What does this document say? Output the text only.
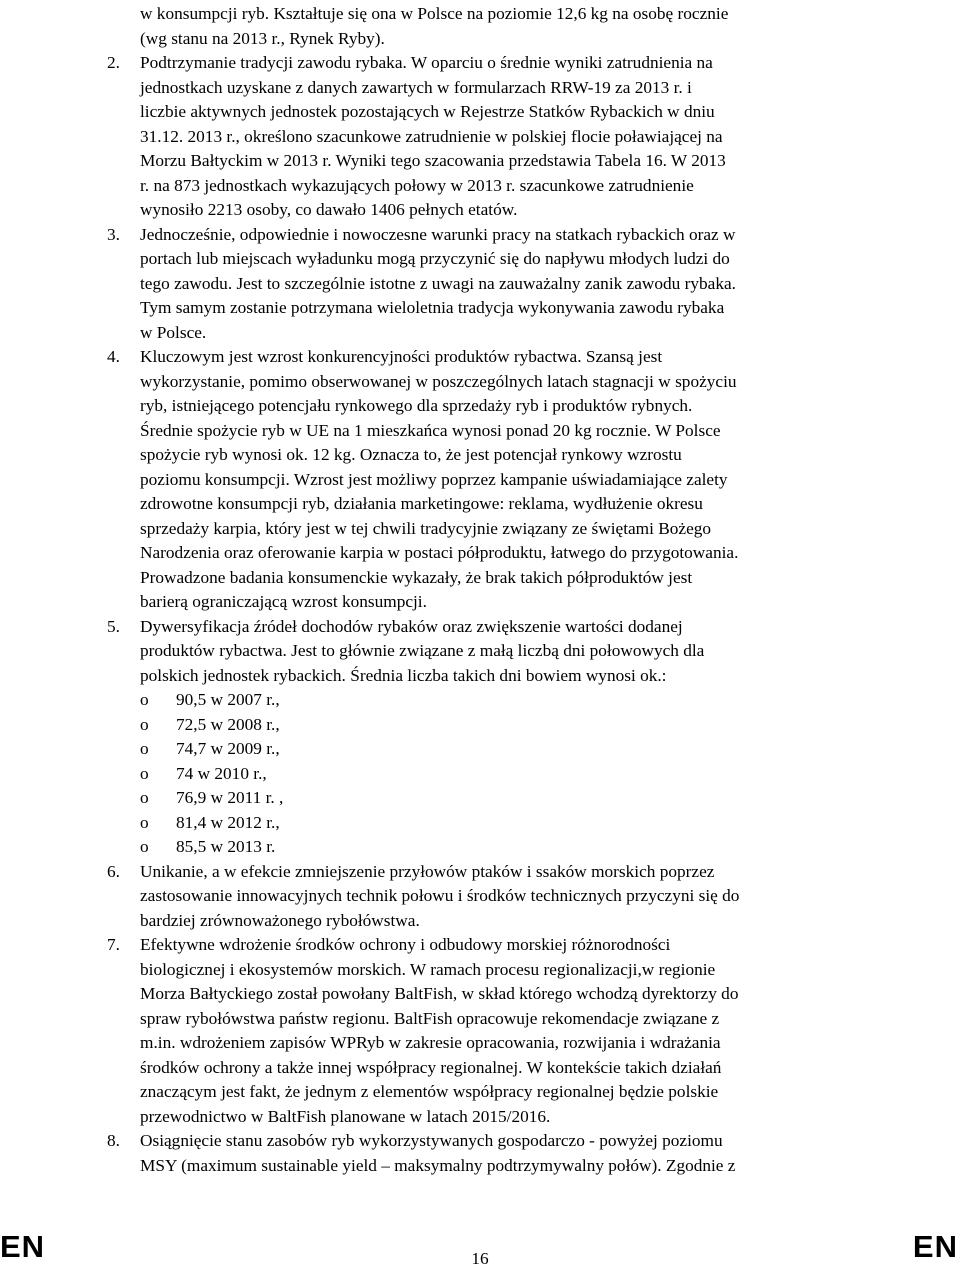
w konsumpcji ryb. Kształtuje się ona w Polsce na poziomie 12,6 kg na osobę rocznie
(wg stanu na 2013 r., Rynek Ryby).
2. Podtrzymanie tradycji zawodu rybaka. W oparciu o średnie wyniki zatrudnienia na
jednostkach uzyskane z danych zawartych w formularzach RRW-19 za 2013 r. i
liczbie aktywnych jednostek pozostających w Rejestrze Statków Rybackich w dniu
31.12. 2013 r., określono szacunkowe zatrudnienie w polskiej flocie poławiającej na
Morzu Bałtyckim w 2013 r. Wyniki tego szacowania przedstawia Tabela 16. W 2013
r. na 873 jednostkach wykazujących połowy w 2013 r. szacunkowe zatrudnienie
wynosiło 2213 osoby, co dawało 1406 pełnych etatów.
3. Jednocześnie, odpowiednie i nowoczesne warunki pracy na statkach rybackich oraz w
portach lub miejscach wyładunku mogą przyczynić się do napływu młodych ludzi do
tego zawodu. Jest to szczególnie istotne z uwagi na zauważalny zanik zawodu rybaka.
Tym samym zostanie potrzymana wieloletnia tradycja wykonywania zawodu rybaka
w Polsce.
4. Kluczowym jest wzrost konkurencyjności produktów rybactwa. Szansą jest
wykorzystanie, pomimo obserwowanej w poszczególnych latach stagnacji w spożyciu
ryb, istniejącego potencjału rynkowego dla sprzedaży ryb i produktów rybnych.
Średnie spożycie ryb w UE na 1 mieszkańca wynosi ponad 20 kg rocznie. W Polsce
spożycie ryb wynosi ok. 12 kg. Oznacza to, że jest potencjał rynkowy wzrostu
poziomu konsumpcji. Wzrost jest możliwy poprzez kampanie uświadamiające zalety
zdrowotne konsumpcji ryb, działania marketingowe: reklama, wydłużenie okresu
sprzedaży karpia, który jest w tej chwili tradycyjnie związany ze świętami Bożego
Narodzenia oraz oferowanie karpia w postaci półproduktu, łatwego do przygotowania.
Prowadzone badania konsumenckie wykazały, że brak takich półproduktów jest
barierą ograniczającą wzrost konsumpcji.
5. Dywersyfikacja źródeł dochodów rybaków oraz zwiększenie wartości dodanej
produktów rybactwa. Jest to głównie związane z małą liczbą dni połowowych dla
polskich jednostek rybackich. Średnia liczba takich dni bowiem wynosi ok.:
o 90,5 w 2007 r.,
o 72,5 w 2008 r.,
o 74,7 w 2009 r.,
o 74 w 2010 r.,
o 76,9 w 2011 r. ,
o 81,4 w 2012 r.,
o 85,5 w 2013 r.
6. Unikanie, a w efekcie zmniejszenie przyłowów ptaków i ssaków morskich poprzez
zastosowanie innowacyjnych technik połowu i środków technicznych przyczyni się do
bardziej zrównoważonego rybołówstwa.
7. Efektywne wdrożenie środków ochrony i odbudowy morskiej różnorodności
biologicznej i ekosystemów morskich. W ramach procesu regionalizacji,w regionie
Morza Bałtyckiego został powołany BaltFish, w skład którego wchodzą dyrektorzy do
spraw rybołówstwa państw regionu. BaltFish opracowuje rekomendacje związane z
m.in. wdrożeniem zapisów WPRyb w zakresie opracowania, rozwijania i wdrażania
środków ochrony a także innej współpracy regionalnej. W kontekście takich działań
znaczącym jest fakt, że jednym z elementów współpracy regionalnej będzie polskie
przewodnictwo w BaltFish planowane w latach 2015/2016.
8. Osiągnięcie stanu zasobów ryb wykorzystywanych gospodarczo - powyżej poziomu
MSY (maximum sustainable yield – maksymalny podtrzymywalny połów). Zgodnie z
EN	16	EN
